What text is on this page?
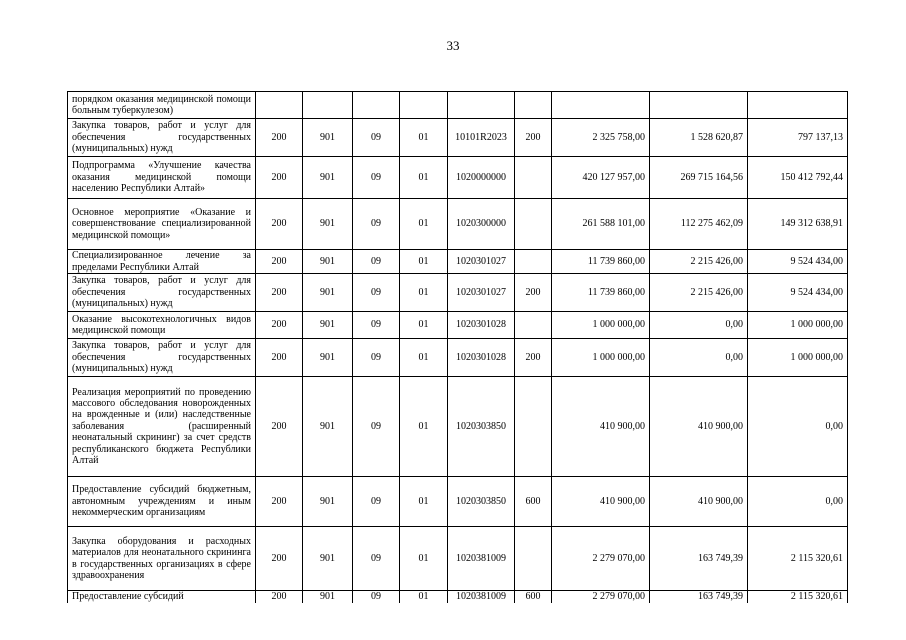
33
порядком оказания медицинской помощи больным туберкулезом)									
Закупка товаров, работ и услуг для обеспечения государственных (муниципальных) нужд	200	901	09	01	10101R2023	200	2 325 758,00	1 528 620,87	797 137,13
Подпрограмма «Улучшение качества оказания медицинской помощи населению Республики Алтай»	200	901	09	01	1020000000		420 127 957,00	269 715 164,56	150 412 792,44
Основное мероприятие «Оказание и совершенствование специализированной медицинской помощи»	200	901	09	01	1020300000		261 588 101,00	112 275 462,09	149 312 638,91
Специализированное лечение за пределами Республики Алтай	200	901	09	01	1020301027		11 739 860,00	2 215 426,00	9 524 434,00
Закупка товаров, работ и услуг для обеспечения государственных (муниципальных) нужд	200	901	09	01	1020301027	200	11 739 860,00	2 215 426,00	9 524 434,00
Оказание высокотехнологичных видов медицинской помощи	200	901	09	01	1020301028		1 000 000,00	0,00	1 000 000,00
Закупка товаров, работ и услуг для обеспечения государственных (муниципальных) нужд	200	901	09	01	1020301028	200	1 000 000,00	0,00	1 000 000,00
Реализация мероприятий по проведению массового обследования новорожденных на врожденные и (или) наследственные заболевания (расширенный неонатальный скрининг) за счет средств республиканского бюджета Республики Алтай	200	901	09	01	1020303850		410 900,00	410 900,00	0,00
Предоставление субсидий бюджетным, автономным учреждениям и иным некоммерческим организациям	200	901	09	01	1020303850	600	410 900,00	410 900,00	0,00
Закупка оборудования и расходных материалов для неонатального скрининга в государственных организациях в сфере здравоохранения	200	901	09	01	1020381009		2 279 070,00	163 749,39	2 115 320,61
Предоставление субсидий	200	901	09	01	1020381009	600	2 279 070,00	163 749,39	2 115 320,61
